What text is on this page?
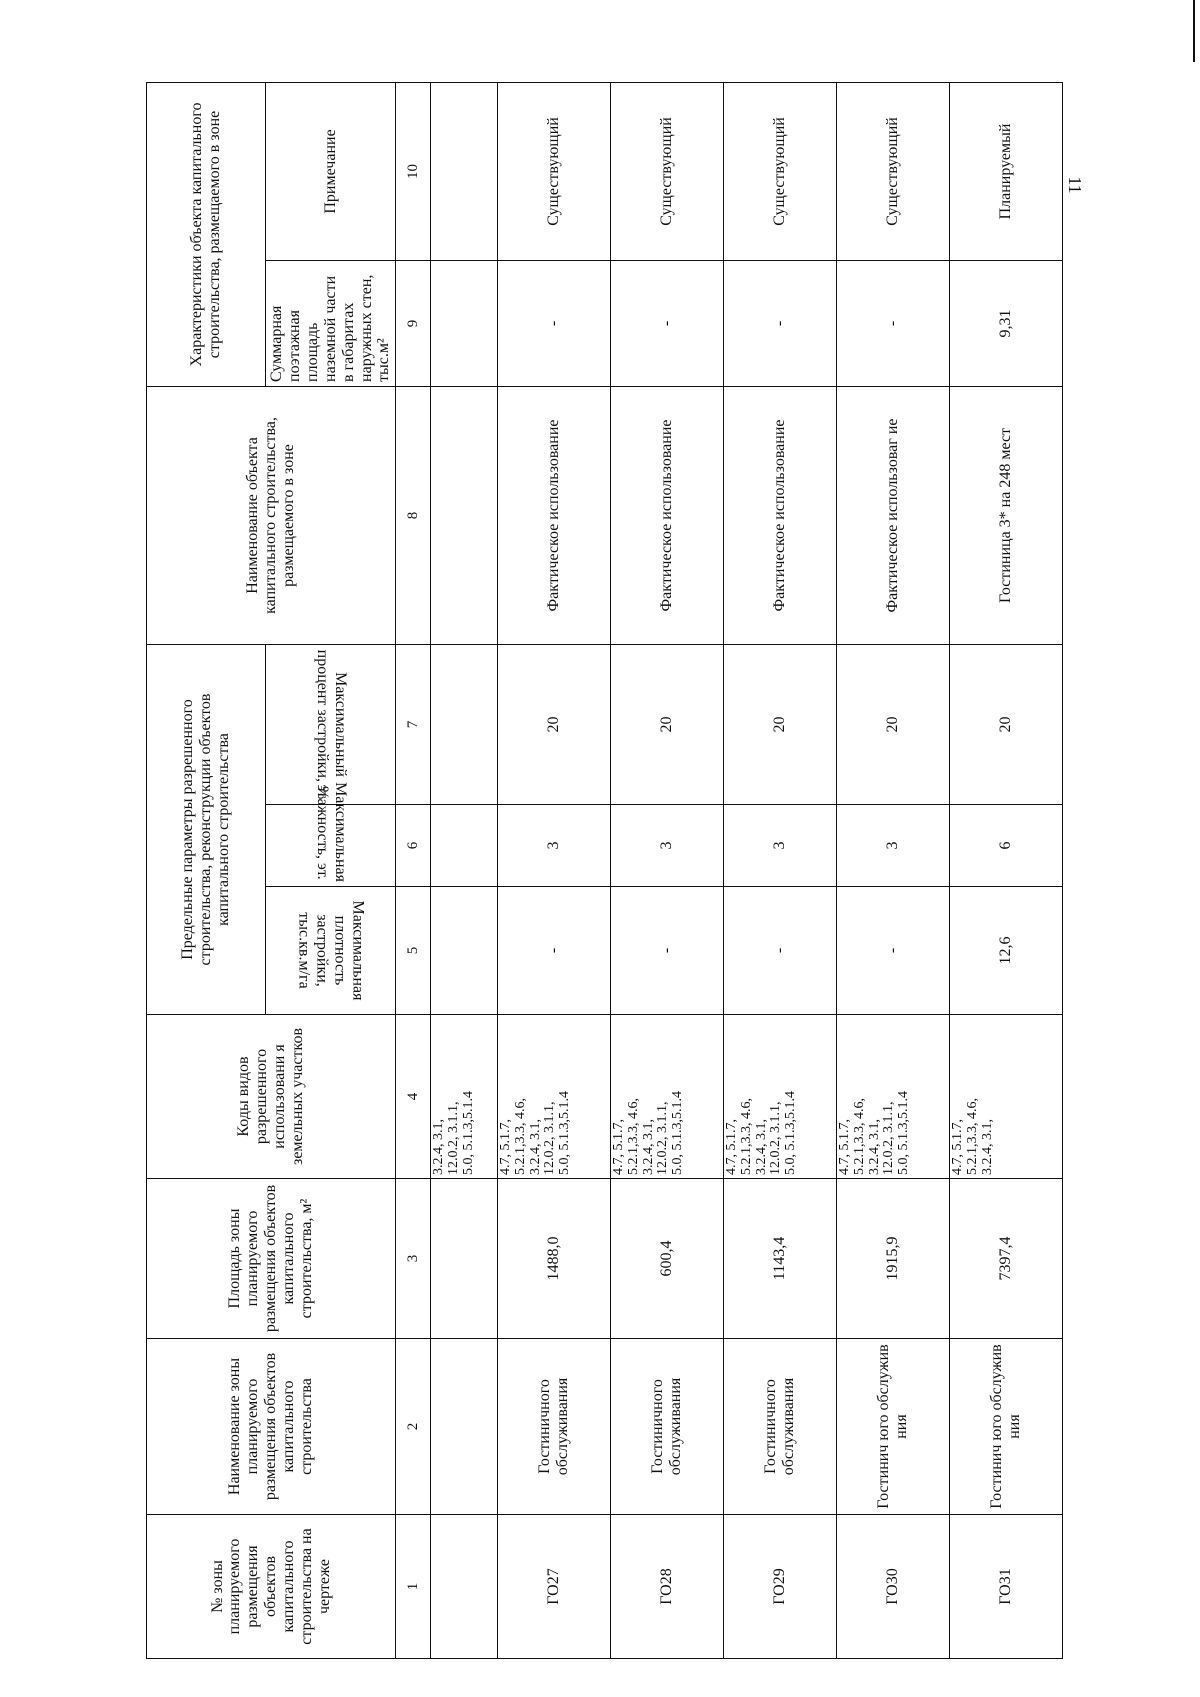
11
№ зоны планируемого размещения объектов капитального строительства на чертеже	Наименование зоны планируемого размещения объектов капитального строительства	Площадь зоны планируемого размещения объектов капитального строительства, м²	Коды видов разрешенного использовани я земельных участков	Предельные параметры разрешенного строительства, реконструкции объектов капитального строительства			Наименование объекта капитального строительства, размещаемого в зоне	Характеристики объекта капитального строительства, размещаемого в зоне	
				Максимальная плотность застройки, тыс.кв.м/га	Максимальная этажность, эт.	Максимальный процент застройки, %		Суммарная поэтажная площадь наземной части в габаритах наружных стен, тыс.м²	Примечание
1	2	3	4	5	6	7	8	9	10
			3.2.4, 3.1,
12.0.2, 3.1.1,
5.0, 5.1.3,5.1.4						
ГО27	Гостиничного обслуживания	1488,0	4.7, 5.1.7,
5.2.1,3.3, 4.6,
3.2.4, 3.1,
12.0.2, 3.1.1,
5.0, 5.1.3,5.1.4	-	3	20	Фактическое использование	-	Существующий
ГО28	Гостиничного обслуживания	600,4	4.7, 5.1.7,
5.2.1,3.3, 4.6,
3.2.4, 3.1,
12.0.2, 3.1.1,
5.0, 5.1.3,5.1.4	-	3	20	Фактическое использование	-	Существующий
ГО29	Гостиничного обслуживания	1143,4	4.7, 5.1.7,
5.2.1,3.3, 4.6,
3.2.4, 3.1,
12.0.2, 3.1.1,
5.0, 5.1.3,5.1.4	-	3	20	Фактическое использование	-	Существующий
ГО30	Гостинич юго обслужив ния	1915,9	4.7, 5.1.7,
5.2.1,3.3, 4.6,
3.2.4, 3.1,
12.0.2, 3.1.1,
5.0, 5.1.3,5.1.4	-	3	20	Фактическое использоваг ие	-	Существующий
ГО31	Гостинич юго обслужив ния	7397,4	4.7, 5.1.7,
5.2.1,3.3, 4.6,
3.2.4, 3.1,	12,6	6	20	Гостиница 3* на 248 мест	9,31	Планируемый
